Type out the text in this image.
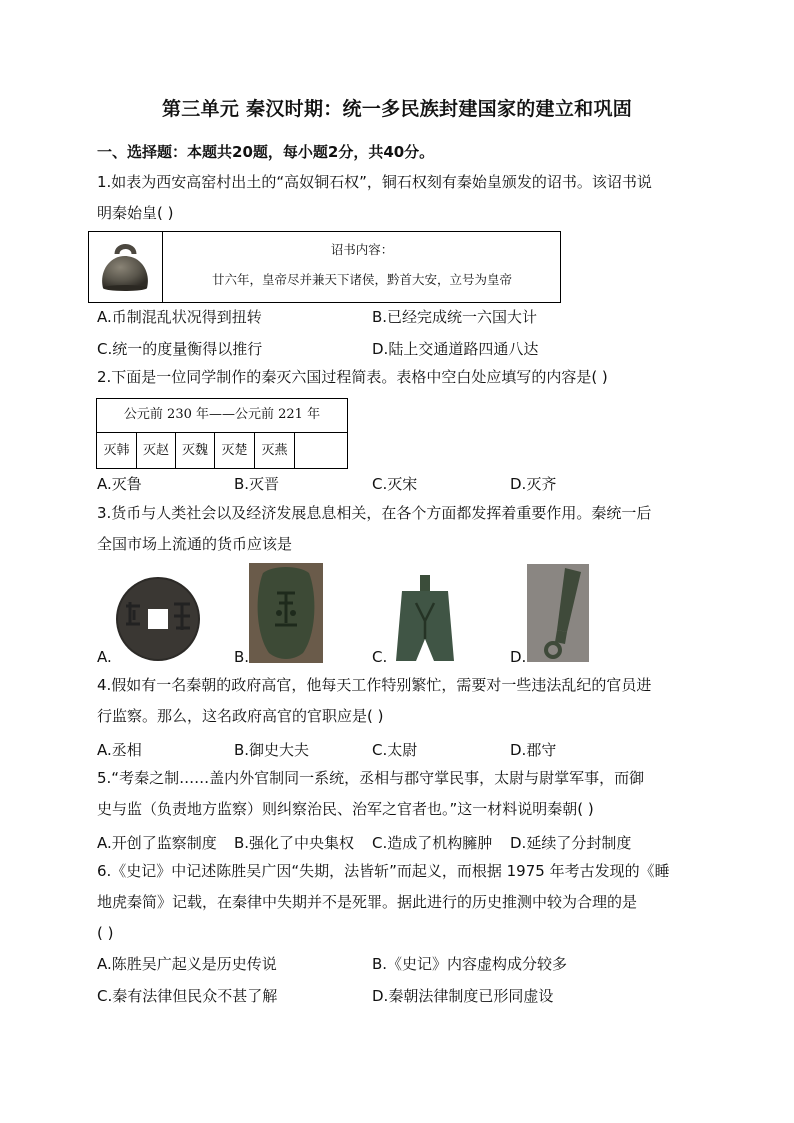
第三单元 秦汉时期：统一多民族封建国家的建立和巩固
一、选择题：本题共20题，每小题2分，共40分。
1.如表为西安高窑村出土的“高奴铜石权”，铜石权刻有秦始皇颁发的诏书。该诏书说
明秦始皇( )
诏书内容：
廿六年，皇帝尽并兼天下诸侯，黔首大安，立号为皇帝
A.币制混乱状况得到扭转	B.已经完成统一六国大计
C.统一的度量衡得以推行	D.陆上交通道路四通八达
2.下面是一位同学制作的秦灭六国过程简表。表格中空白处应填写的内容是( )
公元前 230 年——公元前 221 年
灭韩	灭赵 灭魏	灭楚	灭燕
A.灭鲁	B.灭晋	C.灭宋	D.灭齐
3.货币与人类社会以及经济发展息息相关，在各个方面都发挥着重要作用。秦统一后
全国市场上流通的货币应该是
A.	B.	C.	D.
4.假如有一名秦朝的政府高官，他每天工作特别繁忙，需要对一些违法乱纪的官员进
行监察。那么，这名政府高官的官职应是( )
A.丞相	B.御史大夫	C.太尉	D.郡守
5.“考秦之制……盖内外官制同一系统，丞相与郡守掌民事，太尉与尉掌军事，而御
史与监（负责地方监察）则纠察治民、治军之官者也。”这一材料说明秦朝( )
A.开创了监察制度 B.强化了中央集权 C.造成了机构臃肿 D.延续了分封制度
6.《史记》中记述陈胜吴广因“失期，法皆斩”而起义，而根据 1975 年考古发现的《睡
地虎秦简》记载，在秦律中失期并不是死罪。据此进行的历史推测中较为合理的是
( )
A.陈胜吴广起义是历史传说	B.《史记》内容虚构成分较多
C.秦有法律但民众不甚了解	D.秦朝法律制度已形同虚设
